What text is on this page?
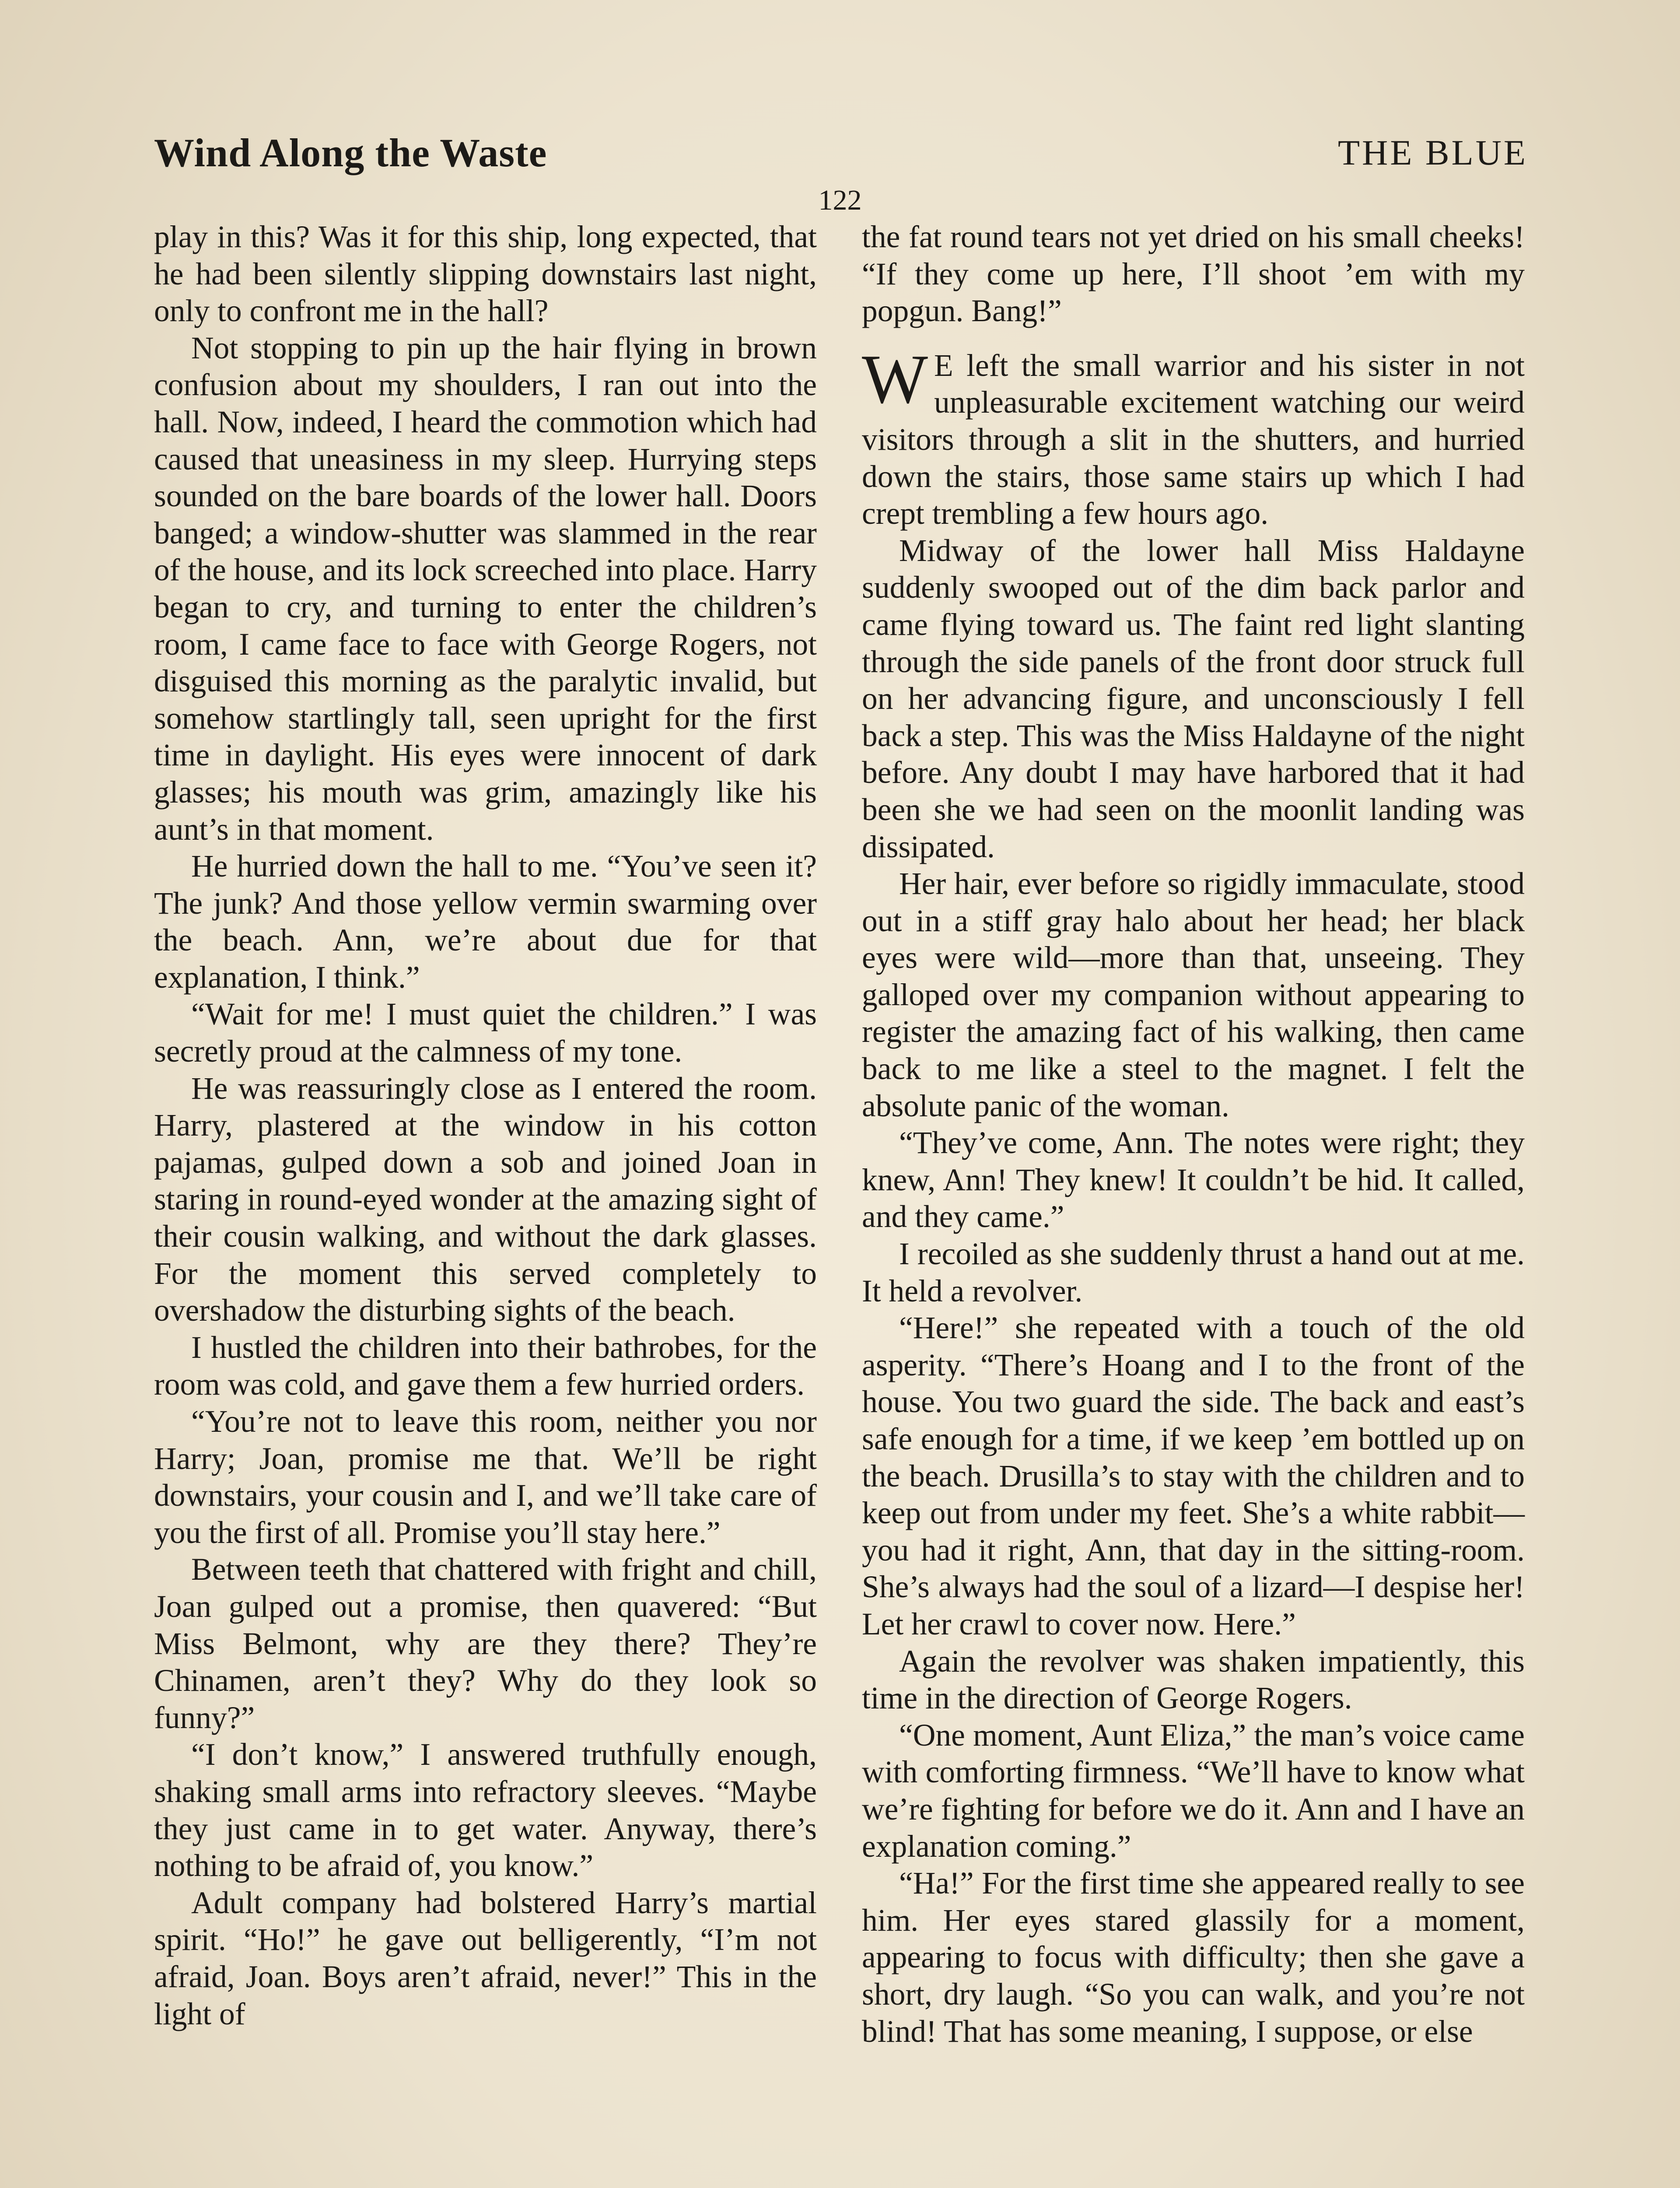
Wind Along the Waste	THE BLUE
122

play in this? Was it for this ship, long expected, that he had been silently slipping downstairs last night, only to confront me in the hall?

Not stopping to pin up the hair flying in brown confusion about my shoulders, I ran out into the hall. Now, indeed, I heard the commotion which had caused that uneasiness in my sleep. Hurrying steps sounded on the bare boards of the lower hall. Doors banged; a window-shutter was slammed in the rear of the house, and its lock screeched into place. Harry began to cry, and turning to enter the children’s room, I came face to face with George Rogers, not disguised this morning as the paralytic invalid, but somehow startlingly tall, seen upright for the first time in daylight. His eyes were innocent of dark glasses; his mouth was grim, amazingly like his aunt’s in that moment.

He hurried down the hall to me. “You’ve seen it? The junk? And those yellow vermin swarming over the beach. Ann, we’re about due for that explanation, I think.”

“Wait for me! I must quiet the children.” I was secretly proud at the calmness of my tone.

He was reassuringly close as I entered the room. Harry, plastered at the window in his cotton pajamas, gulped down a sob and joined Joan in staring in round-eyed wonder at the amazing sight of their cousin walking, and without the dark glasses. For the moment this served completely to overshadow the disturbing sights of the beach.

I hustled the children into their bathrobes, for the room was cold, and gave them a few hurried orders.

“You’re not to leave this room, neither you nor Harry; Joan, promise me that. We’ll be right downstairs, your cousin and I, and we’ll take care of you the first of all. Promise you’ll stay here.”

Between teeth that chattered with fright and chill, Joan gulped out a promise, then quavered: “But Miss Belmont, why are they there? They’re Chinamen, aren’t they? Why do they look so funny?”

“I don’t know,” I answered truthfully enough, shaking small arms into refractory sleeves. “Maybe they just came in to get water. Anyway, there’s nothing to be afraid of, you know.”

Adult company had bolstered Harry’s martial spirit. “Ho!” he gave out belligerently, “I’m not afraid, Joan. Boys aren’t afraid, never!” This in the light of

the fat round tears not yet dried on his small cheeks! “If they come up here, I’ll shoot ’em with my popgun. Bang!”

W E left the small warrior and his sister in not unpleasurable excitement watching our weird visitors through a slit in the shutters, and hurried down the stairs, those same stairs up which I had crept trembling a few hours ago.

Midway of the lower hall Miss Haldayne suddenly swooped out of the dim back parlor and came flying toward us. The faint red light slanting through the side panels of the front door struck full on her advancing figure, and unconsciously I fell back a step. This was the Miss Haldayne of the night before. Any doubt I may have harbored that it had been she we had seen on the moonlit landing was dissipated.

Her hair, ever before so rigidly immaculate, stood out in a stiff gray halo about her head; her black eyes were wild—more than that, unseeing. They galloped over my companion without appearing to register the amazing fact of his walking, then came back to me like a steel to the magnet. I felt the absolute panic of the woman.

“They’ve come, Ann. The notes were right; they knew, Ann! They knew! It couldn’t be hid. It called, and they came.”

I recoiled as she suddenly thrust a hand out at me. It held a revolver.

“Here!” she repeated with a touch of the old asperity. “There’s Hoang and I to the front of the house. You two guard the side. The back and east’s safe enough for a time, if we keep ’em bottled up on the beach. Drusilla’s to stay with the children and to keep out from under my feet. She’s a white rabbit—you had it right, Ann, that day in the sitting-room. She’s always had the soul of a lizard—I despise her! Let her crawl to cover now. Here.”

Again the revolver was shaken impatiently, this time in the direction of George Rogers.

“One moment, Aunt Eliza,” the man’s voice came with comforting firmness. “We’ll have to know what we’re fighting for before we do it. Ann and I have an explanation coming.”

“Ha!” For the first time she appeared really to see him. Her eyes stared glassily for a moment, appearing to focus with difficulty; then she gave a short, dry laugh. “So you can walk, and you’re not blind! That has some meaning, I suppose, or else
